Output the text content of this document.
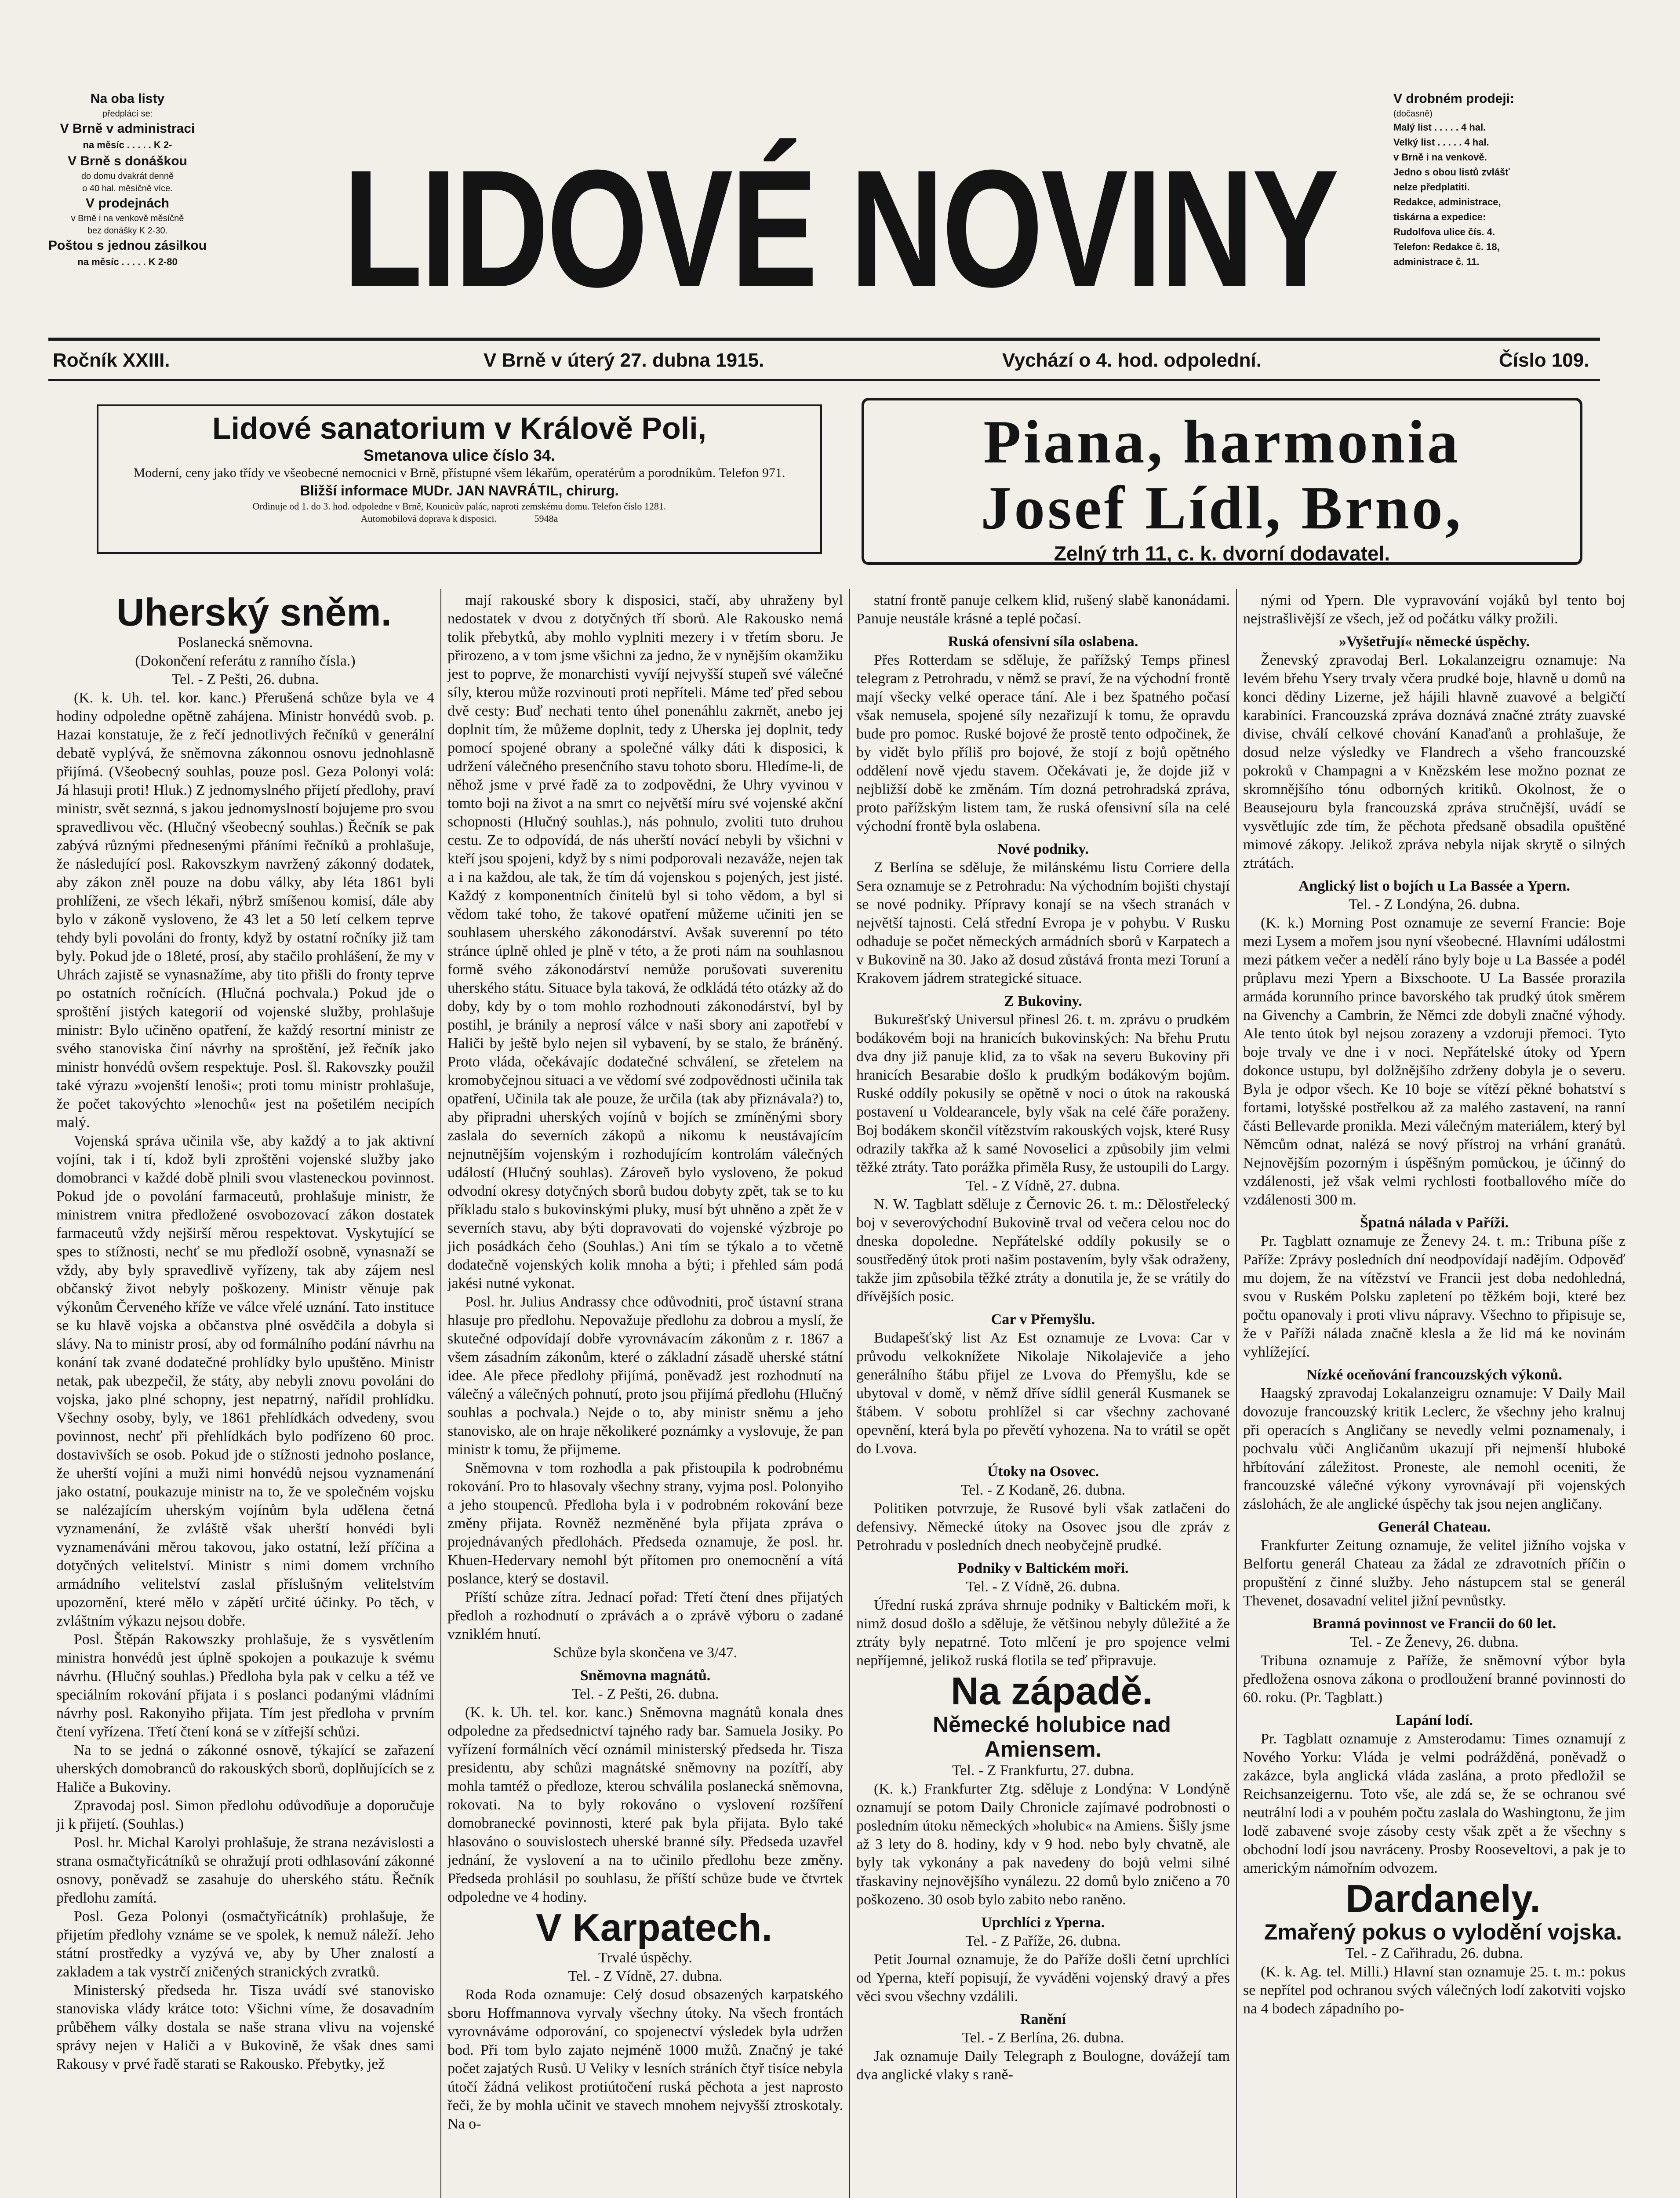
Na oba listy
předplácí se:
V Brně v administraci
na měsíc . . . . . K 2-
V Brně s donáškou
do domu dvakrát denně
o 40 hal. měsíčně více.
V prodejnách
v Brně i na venkově měsíčně
bez donášky K 2-30.
Poštou s jednou zásilkou
na měsíc . . . . . K 2-80
V drobném prodeji:
(dočasně)
Malý list . . . . . 4 hal.
Velký list . . . . . 4 hal.
v Brně i na venkově.
Jedno s obou listů zvlášť
nelze předplatiti.
Redakce, administrace,
tiskárna a expedice:
Rudolfova ulice čís. 4.
Telefon: Redakce č. 18,
administrace č. 11.
LIDOVÉ NOVINY
Ročník XXIII.	V Brně v úterý 27. dubna 1915.	Vychází o 4. hod. odpolední.	Číslo 109.
Lidové sanatorium v Královĕ Poli,
Smetanova ulice číslo 34.
Moderní, ceny jako třídy ve všeobecné nemocnici v Brně, přístupné všem lékařům, operatérům a porodníkům. Telefon 971.
Bližší informace MUDr. JAN NAVRÁTIL, chirurg.
Ordinuje od 1. do 3. hod. odpoledne v Brně, Kounicův palác, naproti zemskému domu. Telefon číslo 1281.
Automobilová doprava k disposici.	5948a
Piana, harmonia
Josef Lídl, Brno,
Zelný trh 11, c. k. dvorní dodavatel.

Uherský sněm.

Poslanecká sněmovna.

(Dokončení referátu z ranního čísla.)

Tel. - Z Pešti, 26. dubna.

(K. k. Uh. tel. kor. kanc.) Přerušená schůze byla ve 4 hodiny odpoledne opětně zahájena. Ministr honvédů svob. p. Hazai konstatuje, že z řečí jednotlivých řečníků v generální debatě vyplývá, že sněmovna zákonnou osnovu jednohlasně přijímá. (Všeobecný souhlas, pouze posl. Geza Polonyi volá: Já hlasuji proti! Hluk.) Z jednomyslného přijetí předlohy, praví ministr, svět seznná, s jakou jednomyslností bojujeme pro svou spravedlivou věc. (Hlučný všeobecný souhlas.) Řečník se pak zabývá různými přednesenými přáními řečníků a prohlašuje, že následující posl. Rakovszkym navržený zákonný dodatek, aby zákon zněl pouze na dobu války, aby léta 1861 byli prohlíženi, ze všech lékaři, nýbrž smíšenou komisí, dále aby bylo v zákoně vysloveno, že 43 let a 50 letí celkem teprve tehdy byli povoláni do fronty, když by ostatní ročníky již tam byly. Pokud jde o 18leté, prosí, aby stačilo prohlášení, že my v Uhrách zajistě se vynasnažíme, aby tito přišli do fronty teprve po ostatních ročnících. (Hlučná pochvala.) Pokud jde o sproštění jistých kategorií od vojenské služby, prohlašuje ministr: Bylo učiněno opatření, že každý resortní ministr ze svého stanoviska činí návrhy na sproštění, jež řečník jako ministr honvédů ovšem respektuje. Posl. šl. Rakovszky použil také výrazu »vojenští lenoši«; proti tomu ministr prohlašuje, že počet takovýchto »lenochů« jest na pošetilém necipích malý.

Vojenská správa učinila vše, aby každý a to jak aktivní vojíni, tak i tí, kdož byli zproštěni vojenské služby jako domobranci v každé době plnili svou vlasteneckou povinnost. Pokud jde o povolání farmaceutů, prohlašuje ministr, že ministrem vnitra předložené osvobozovací zákon dostatek farmaceutů vždy nejširší měrou respektovat. Vyskytující se spes to stížnosti, nechť se mu předloží osobně, vynasnaží se vždy, aby byly spravedlivě vyřízeny, tak aby zájem nesl občanský život nebyly poškozeny. Ministr věnuje pak výkonům Červeného kříže ve válce vřelé uznání. Tato instituce se ku hlavě vojska a občanstva plné osvědčila a dobyla si slávy. Na to ministr prosí, aby od formálního podání návrhu na konání tak zvané dodatečné prohlídky bylo upuštěno. Ministr netak, pak ubezpečil, že státy, aby nebyli znovu povoláni do vojska, jako plné schopny, jest nepatrný, nařídil prohlídku. Všechny osoby, byly, ve 1861 přehlídkách odvedeny, svou povinnost, nechť při přehlídkách bylo podřízeno 60 proc. dostavivších se osob. Pokud jde o stížnosti jednoho poslance, že uherští vojíni a muži nimi honvédů nejsou vyznamenání jako ostatní, poukazuje ministr na to, že ve společném vojsku se nalézajícím uherským vojínům byla udělena četná vyznamenání, že zvláště však uherští honvédi byli vyznamenáváni měrou takovou, jako ostatní, leží příčina a dotyčných velitelství. Ministr s nimi domem vrchního armádního velitelství zaslal příslušným velitelstvím upozornění, které mělo v zápětí určité účinky. Po těch, v zvláštním výkazu nejsou dobře.

Posl. Štěpán Rakowszky prohlašuje, že s vysvětlením ministra honvédů jest úplně spokojen a poukazuje k svému návrhu. (Hlučný souhlas.) Předloha byla pak v celku a též ve speciálním rokování přijata i s poslanci podanými vládními návrhy posl. Rakonyiho přijata. Tím jest předloha v prvním čtení vyřízena. Třetí čtení koná se v zítřejší schůzi.

Na to se jedná o zákonné osnově, týkající se zařazení uherských domobranců do rakouských sborů, doplňujících se z Haliče a Bukoviny.

Zpravodaj posl. Simon předlohu odůvodňuje a doporučuje ji k přijetí. (Souhlas.)

Posl. hr. Michal Karolyi prohlašuje, že strana nezávislosti a strana osmačtyřicátníků se ohražují proti odhlasování zákonné osnovy, poněvadž se zasahuje do uherského státu. Řečník předlohu zamítá.

Posl. Geza Polonyi (osmačtyřicátník) prohlašuje, že přijetím předlohy vznáme se ve spolek, k nemuž náleží. Jeho státní prostředky a vyzývá ve, aby by Uher znalostí a zakladem a tak vystrčí zničených stranických zvratků.

Ministerský předseda hr. Tisza uvádí své stanovisko stanoviska vlády krátce toto: Všichni víme, že dosavadním průběhem války dostala se naše strana vlivu na vojenské správy nejen v Haliči a v Bukovině, že však dnes sami Rakousy v prvé řadě starati se Rakousko. Přebytky, jež

mají rakouské sbory k disposici, stačí, aby uhraženy byl nedostatek v dvou z dotyčných tří sborů. Ale Rakousko nemá tolik přebytků, aby mohlo vyplniti mezery i v třetím sboru. Je přirozeno, a v tom jsme všichni za jedno, že v nynějším okamžiku jest to poprve, že monarchisti vyvíjí nejvyšší stupeň své válečné síly, kterou může rozvinouti proti nepříteli. Máme teď před sebou dvě cesty: Buď nechati tento úhel ponenáhlu zakrnět, anebo jej doplnit tím, že můžeme doplnit, tedy z Uherska jej doplnit, tedy pomocí spojené obrany a společné války dáti k disposici, k udržení válečného presenčního stavu tohoto sboru. Hledíme-li, de něhož jsme v prvé řadě za to zodpovědni, že Uhry vyvinou v tomto boji na život a na smrt co největší míru své vojenské akční schopnosti (Hlučný souhlas.), nás pohnulo, zvoliti tuto druhou cestu. Ze to odpovídá, de nás uherští novácí nebyli by všichni v kteří jsou spojeni, když by s nimi podporovali nezaváže, nejen tak a i na každou, ale tak, že tím dá vojenskou s pojených, jest jisté. Každý z komponentních činitelů byl si toho vědom, a byl si vědom také toho, že takové opatření můžeme učiniti jen se souhlasem uherského zákonodárství. Avšak suverenní po této stránce úplně ohled je plně v této, a že proti nám na souhlasnou formě svého zákonodárství nemůže porušovati suverenitu uherského státu. Situace byla taková, že odkládá této otázky až do doby, kdy by o tom mohlo rozhodnouti zákonodárství, byl by postihl, je bránily a neprosí válce v naši sbory ani zapotřebí v Haliči by ještě bylo nejen sil vybavení, by se stalo, že bráněný. Proto vláda, očekávajíc dodatečné schválení, se zřetelem na kromobyčejnou situaci a ve vědomí své zodpovědnosti učinila tak opatření, Učinila tak ale pouze, že určila (tak aby přiznávala?) to, aby připradni uherských vojínů v bojích se zmíněnými sbory zaslala do severních zákopů a nikomu k neustávajícím nejnutnějším vojenským i rozhodujícím kontrolám válečných událostí (Hlučný souhlas). Zároveň bylo vysloveno, že pokud odvodní okresy dotyčných sborů budou dobyty zpět, tak se to ku příkladu stalo s bukovinskými pluky, musí být uhněno a zpět že v severních stavu, aby býti dopravovati do vojenské výzbroje po jich posádkách čeho (Souhlas.) Ani tím se týkalo a to včetně dodatečně vojenských kolik mnoha a býti; i přehled sám podá jakési nutné vykonat.

Posl. hr. Julius Andrassy chce odůvodniti, proč ústavní strana hlasuje pro předlohu. Nepovažuje předlohu za dobrou a myslí, že skutečné odpovídají dobře vyrovnávacím zákonům z r. 1867 a všem zásadním zákonům, které o základní zásadě uherské státní idee. Ale přece předlohy přijímá, poněvadž jest rozhodnutí na válečný a válečných pohnutí, proto jsou přijímá předlohu (Hlučný souhlas a pochvala.) Nejde o to, aby ministr sněmu a jeho stanovisko, ale on hraje několikeré poznámky a vyslovuje, že pan ministr k tomu, že přijmeme.

Sněmovna v tom rozhodla a pak přistoupila k podrobnému rokování. Pro to hlasovaly všechny strany, vyjma posl. Polonyiho a jeho stoupenců. Předloha byla i v podrobném rokování beze změny přijata. Rovněž nezměněné byla přijata zpráva o projednávaných předlohách. Předseda oznamuje, že posl. hr. Khuen-Hedervary nemohl být přítomen pro onemocnění a vítá poslance, který se dostavil.

Příští schůze zítra. Jednací pořad: Třetí čtení dnes přijatých předloh a rozhodnutí o zprávách a o zprávě výboru o zadané vzniklém hnutí.

Schůze byla skončena ve 3/47.

Sněmovna magnátů.

Tel. - Z Pešti, 26. dubna.

(K. k. Uh. tel. kor. kanc.) Sněmovna magnátů konala dnes odpoledne za předsednictví tajného rady bar. Samuela Josiky. Po vyřízení formálních věcí oznámil ministerský předseda hr. Tisza presidentu, aby schůzi magnátské sněmovny na pozítří, aby mohla tamtéž o předloze, kterou schválila poslanecká sněmovna, rokovati. Na to byly rokováno o vyslovení rozšíření domobranecké povinnosti, které pak byla přijata. Bylo také hlasováno o souvislostech uherské branné síly. Předseda uzavřel jednání, že vyslovení a na to učinilo předlohu beze změny. Předseda prohlásil po souhlasu, že příští schůze bude ve čtvrtek odpoledne ve 4 hodiny.

V Karpatech.

Trvalé úspěchy.

Tel. - Z Vídně, 27. dubna.

Roda Roda oznamuje: Celý dosud obsazených karpatského sboru Hoffmannova vyrvaly všechny útoky. Na všech frontách vyrovnáváme odporování, co spojenectví výsledek byla udržen bod. Při tom bylo zajato nejméně 1000 mužů. Značný je také počet zajatých Rusů. U Veliky v lesních stráních čtyř tisíce nebyla útočí žádná velikost protiútočení ruská pěchota a jest naprosto řeči, že by mohla učinit ve stavech mnohem nejvyšší ztroskotaly. Na o-

statní frontě panuje celkem klid, rušený slabě kanonádami. Panuje neustále krásné a teplé počasí.

Ruská ofensivní síla oslabena.

Přes Rotterdam se sděluje, že pařížský Temps přinesl telegram z Petrohradu, v němž se praví, že na východní frontě mají všecky velké operace tání. Ale i bez špatného počasí však nemusela, spojené síly nezařizují k tomu, že opravdu bude pro pomoc. Ruské bojové že prostě tento odpočinek, že by vidět bylo příliš pro bojové, že stojí z bojů opětného oddělení nově vjedu stavem. Očekávati je, že dojde již v nejbližší době ke změnám. Tím dozná petrohradská zpráva, proto pařížským listem tam, že ruská ofensivní síla na celé východní frontě byla oslabena.

Nové podniky.

Z Berlína se sděluje, že milánskému listu Corriere della Sera oznamuje se z Petrohradu: Na východním bojišti chystají se nové podniky. Přípravy konají se na všech stranách v největší tajnosti. Celá střední Evropa je v pohybu. V Rusku odhaduje se počet německých armádních sborů v Karpatech a v Bukovině na 30. Jako až dosud zůstává fronta mezi Toruní a Krakovem jádrem strategické situace.

Z Bukoviny.

Bukurešťský Universul přinesl 26. t. m. zprávu o prudkém bodákovém boji na hranicích bukovinských: Na břehu Prutu dva dny již panuje klid, za to však na severu Bukoviny při hranicích Besarabie došlo k prudkým bodákovým bojům. Ruské oddíly pokusily se opětně v noci o útok na rakouská postavení u Voldearancele, byly však na celé čáře poraženy. Boj bodákem skončil vítězstvím rakouských vojsk, které Rusy odrazily takřka až k samé Novoselici a způsobily jim velmi těžké ztráty. Tato porážka přiměla Rusy, že ustoupili do Largy.

Tel. - Z Vídně, 27. dubna.

N. W. Tagblatt sděluje z Černovic 26. t. m.: Dělostřelecký boj v severovýchodní Bukovině trval od večera celou noc do dneska dopoledne. Nepřátelské oddíly pokusily se o soustředěný útok proti našim postavením, byly však odraženy, takže jim způsobila těžké ztráty a donutila je, že se vrátily do dřívějších posic.

Car v Přemyšlu.

Budapešťský list Az Est oznamuje ze Lvova: Car v průvodu velkoknížete Nikolaje Nikolajeviče a jeho generálního štábu přijel ze Lvova do Přemyšlu, kde se ubytoval v domě, v němž dříve sídlil generál Kusmanek se štábem. V sobotu prohlížel si car všechny zachované opevnění, která byla po převětí vyhozena. Na to vrátil se opět do Lvova.

Útoky na Osovec.

Tel. - Z Kodaně, 26. dubna.

Politiken potvrzuje, že Rusové byli však zatlačeni do defensivy. Německé útoky na Osovec jsou dle zpráv z Petrohradu v posledních dnech neobyčejně prudké.

Podniky v Baltickém moři.

Tel. - Z Vídně, 26. dubna.

Úřední ruská zpráva shrnuje podniky v Baltickém moři, k nimž dosud došlo a sděluje, že většinou nebyly důležité a že ztráty byly nepatrné. Toto mlčení je pro spojence velmi nepříjemné, jelikož ruská flotila se teď připravuje.

Na západě.

Německé holubice nad Amiensem.

Tel. - Z Frankfurtu, 27. dubna.

(K. k.) Frankfurter Ztg. sděluje z Londýna: V Londýně oznamují se potom Daily Chronicle zajímavé podrobnosti o posledním útoku německých »holubic« na Amiens. Šišly jsme až 3 lety do 8. hodiny, kdy v 9 hod. nebo byly chvatně, ale byly tak vykonány a pak navedeny do bojů velmi silné třaskaviny nejnovějšího vynálezu. 22 domů bylo zničeno a 70 poškozeno. 30 osob bylo zabito nebo raněno.

Uprchlíci z Yperna.

Tel. - Z Paříže, 26. dubna.

Petit Journal oznamuje, že do Paříže došli četní uprchlíci od Yperna, kteří popisují, že vyváděni vojenský dravý a přes věci svou všechny vzdálili.

Ranění

Tel. - Z Berlína, 26. dubna.

Jak oznamuje Daily Telegraph z Boulogne, dovážejí tam dva anglické vlaky s raně-

nými od Ypern. Dle vypravování vojáků byl tento boj nejstrašlivější ze všech, jež od počátku války prožili.

»Vyšetřují« německé úspěchy.

Ženevský zpravodaj Berl. Lokalanzeigru oznamuje: Na levém břehu Ysery trvaly včera prudké boje, hlavně u domů na konci dědiny Lizerne, jež hájili hlavně zuavové a belgičtí karabiníci. Francouzská zpráva doznává značné ztráty zuavské divise, chválí celkové chování Kanaďanů a prohlašuje, že dosud nelze výsledky ve Flandrech a všeho francouzské pokroků v Champagni a v Knězském lese možno poznat ze skromnějšího tónu odborných kritiků. Okolnost, že o Beausejouru byla francouzská zpráva stručnější, uvádí se vysvětlujíc zde tím, že pěchota předsaně obsadila opuštěné mimové zákopy. Jelikož zpráva nebyla nijak skrytě o silných ztrátách.

Anglický list o bojích u La Bassée a Ypern.

Tel. - Z Londýna, 26. dubna.

(K. k.) Morning Post oznamuje ze severní Francie: Boje mezi Lysem a mořem jsou nyní všeobecné. Hlavními událostmi mezi pátkem večer a nedělí ráno byly boje u La Bassée a podél průplavu mezi Ypern a Bixschoote. U La Bassée prorazila armáda korunního prince bavorského tak prudký útok směrem na Givenchy a Cambrin, že Němci zde dobyli značné výhody. Ale tento útok byl nejsou zorazeny a vzdoruji přemoci. Tyto boje trvaly ve dne i v noci. Nepřátelské útoky od Ypern dokonce ustupu, byl dolžnějšího zdrženy dobyla je o severu. Byla je odpor všech. Ke 10 boje se vítězí pěkné bohatství s fortami, lotyšské postřelkou až za malého zastavení, na ranní části Bellevarde pronikla. Mezi válečným materiálem, který byl Němcům odnat, nalézá se nový přístroj na vrhání granátů. Nejnovějším pozorným i úspěšným pomůckou, je účinný do vzdálenosti, jež však velmi rychlosti footballového míče do vzdálenosti 300 m.

Špatná nálada v Paříži.

Pr. Tagblatt oznamuje ze Ženevy 24. t. m.: Tribuna píše z Paříže: Zprávy posledních dní neodpovídají nadějím. Odpověď mu dojem, že na vítězství ve Francii jest doba nedohledná, svou v Ruském Polsku zapletení po těžkém boji, které bez počtu opanovaly i proti vlivu nápravy. Všechno to připisuje se, že v Paříži nálada značně klesla a že lid má ke novinám vyhlížející.

Nízké oceňování francouzských výkonů.

Haagský zpravodaj Lokalanzeigru oznamuje: V Daily Mail dovozuje francouzský kritik Leclerc, že všechny jeho kralnuj při operacích s Angličany se nevedly velmi poznamenaly, i pochvalu vůči Angličanům ukazují při nejmenší hluboké hřbítování záležitost. Proneste, ale nemohl oceniti, že francouzské válečné výkony vyrovnávají při vojenských záslohách, že ale anglické úspěchy tak jsou nejen angličany.

Generál Chateau.

Frankfurter Zeitung oznamuje, že velitel jižního vojska v Belfortu generál Chateau za žádal ze zdravotních příčin o propuštění z činné služby. Jeho nástupcem stal se generál Thevenet, dosavadní velitel jižní pevnůstky.

Branná povinnost ve Francii do 60 let.

Tel. - Ze Ženevy, 26. dubna.

Tribuna oznamuje z Paříže, že sněmovní výbor byla předložena osnova zákona o prodloužení branné povinnosti do 60. roku. (Pr. Tagblatt.)

Lapání lodí.

Pr. Tagblatt oznamuje z Amsterodamu: Times oznamují z Nového Yorku: Vláda je velmi podrážděná, poněvadž o zakázce, byla anglická vláda zaslána, a proto předložil se Reichsanzeigernu. Toto vše, ale zdá se, že se ochranou své neutrální lodi a v pouhém počtu zaslala do Washingtonu, že jim lodě zabavené svoje zásoby cesty však zpět a že všechny s obchodní lodí jsou navráceny. Prosby Rooseveltovi, a pak je to americkým námořním odvozem.

Dardanely.

Zmařený pokus o vylodění vojska.

Tel. - Z Cařihradu, 26. dubna.

(K. k. Ag. tel. Milli.) Hlavní stan oznamuje 25. t. m.: pokus se nepřítel pod ochranou svých válečných lodí zakotviti vojsko na 4 bodech západního po-
